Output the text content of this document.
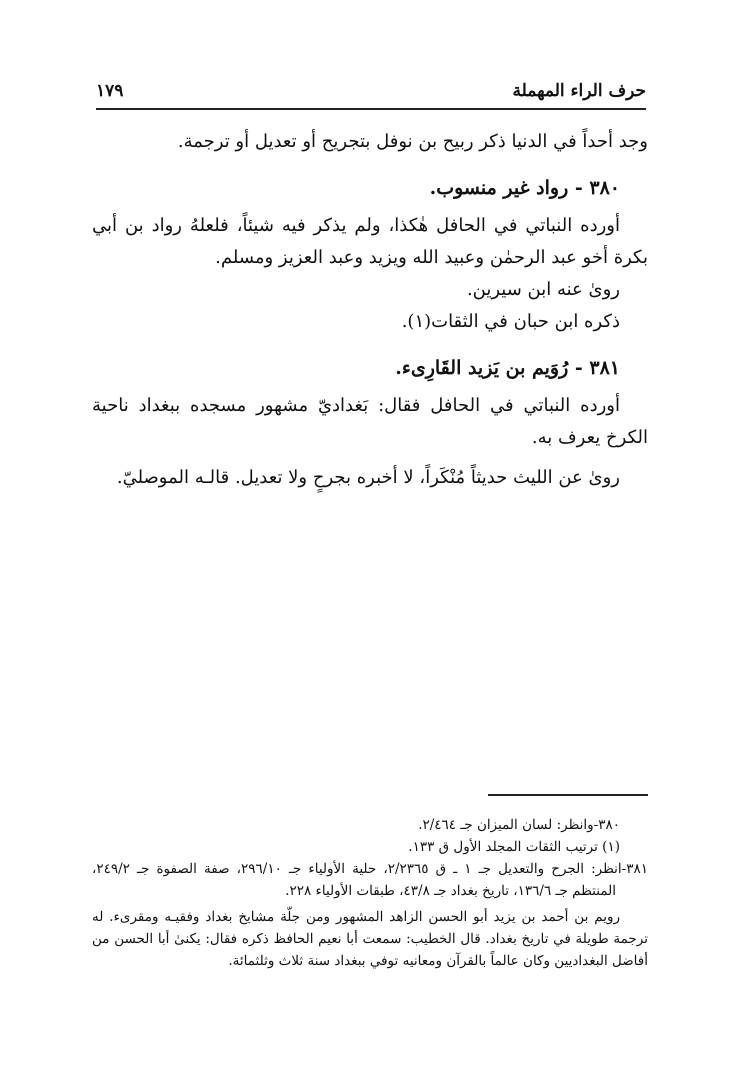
حرف الراء المهملة
١٧٩

وجد أحداً في الدنيا ذكر ربيح بن نوفل بتجريح أو تعديل أو ترجمة.

٣٨٠ - رواد غير منسوب.

أورده النباتي في الحافل هٰكذا، ولم يذكر فيه شيئاً، فلعلهُ رواد بن أبي بكرة أخو عبد الرحمٰن وعبيد الله ويزيد وعبد العزيز ومسلم.

روىٰ عنه ابن سيرين.

ذكره ابن حبان في الثقات(١).

٣٨١ - رُوَيم بن يَزيد القَارِىء.

أورده النباتي في الحافل فقال: بَغداديّ مشهور مسجده ببغداد ناحية الكرخ يعرف به.

روىٰ عن الليث حديثاً مُنْكَراً، لا أخبره بجرحٍ ولا تعديل. قالـه الموصليّ.

٣٨٠-وانظر: لسان الميزان جـ ٢/٤٦٤.

(١) ترتيب الثقات المجلد الأول ق ١٣٣.

٣٨١-انظر: الجرح والتعديل جـ ١ ـ ق ٢/٢٣٦٥، حلية الأولياء جـ ٢٩٦/١٠، صفة الصفوة جـ ٢٤٩/٢، المنتظم جـ ١٣٦/٦، تاريخ بغداد جـ ٤٣/٨، طبقات الأولياء ٢٢٨.

رويم بن أحمد بن يزيد أبو الحسن الزاهد المشهور ومن جلّة مشايخ بغداد وفقيـه ومقرىء. له ترجمة طويلة في تاريخ بغداد. قال الخطيب: سمعت أبا نعيم الحافظ ذكره فقال: يكنىٰ أبا الحسن من أفاضل البغداديين وكان عالماً بالقرآن ومعانيه توفي ببغداد سنة ثلاث وثلثمائة.
